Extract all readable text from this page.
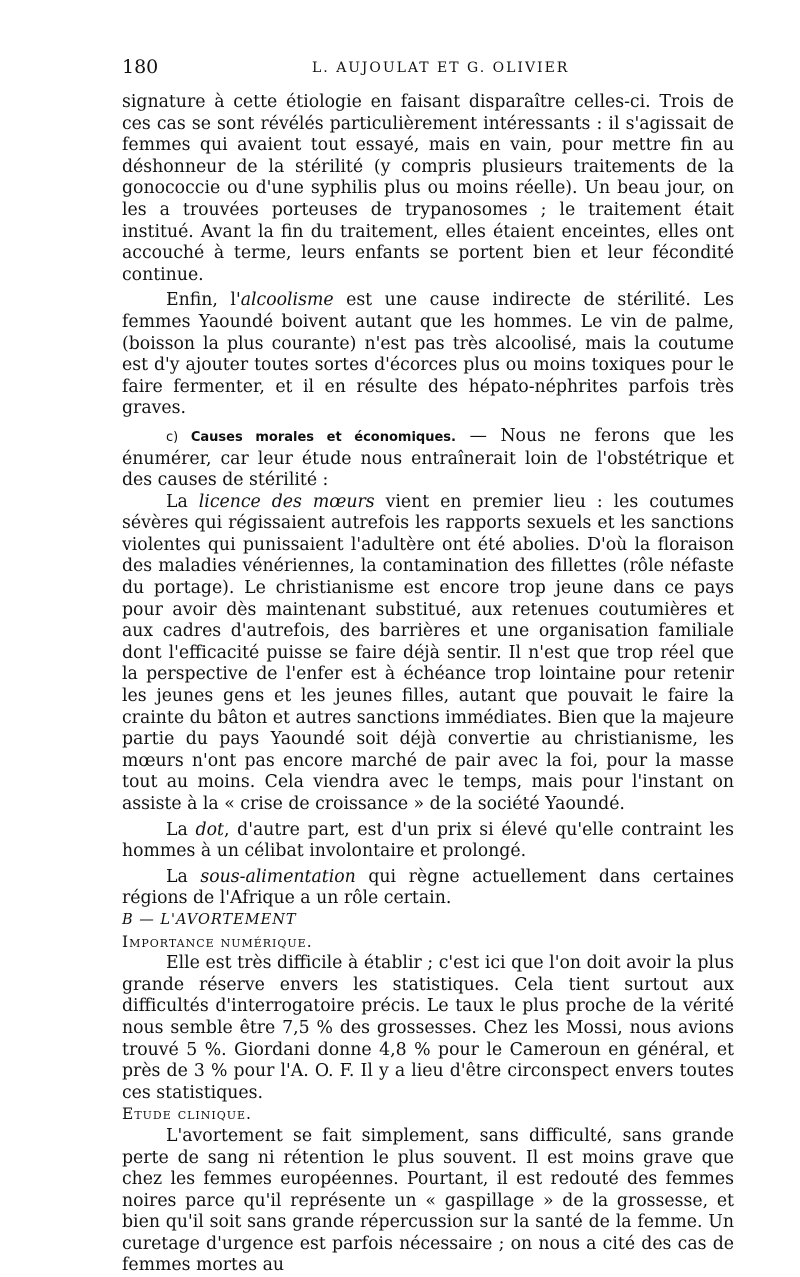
180	L. AUJOULAT ET G. OLIVIER

signature à cette étiologie en faisant disparaître celles-ci. Trois de ces cas se sont révélés particulièrement intéressants : il s'agissait de femmes qui avaient tout essayé, mais en vain, pour mettre fin au déshonneur de la stérilité (y compris plusieurs traitements de la gonococcie ou d'une syphilis plus ou moins réelle). Un beau jour, on les a trouvées porteuses de trypanosomes ; le traitement était institué. Avant la fin du traitement, elles étaient enceintes, elles ont accouché à terme, leurs enfants se portent bien et leur fécondité continue.

Enfin, l'alcoolisme est une cause indirecte de stérilité. Les femmes Yaoundé boivent autant que les hommes. Le vin de palme, (boisson la plus courante) n'est pas très alcoolisé, mais la coutume est d'y ajouter toutes sortes d'écorces plus ou moins toxiques pour le faire fermenter, et il en résulte des hépato-néphrites parfois très graves.

c) Causes morales et économiques. — Nous ne ferons que les énumérer, car leur étude nous entraînerait loin de l'obstétrique et des causes de stérilité :

La licence des mœurs vient en premier lieu : les coutumes sévères qui régissaient autrefois les rapports sexuels et les sanctions violentes qui punissaient l'adultère ont été abolies. D'où la floraison des maladies vénériennes, la contamination des fillettes (rôle néfaste du portage). Le christianisme est encore trop jeune dans ce pays pour avoir dès maintenant substitué, aux retenues coutumières et aux cadres d'autrefois, des barrières et une organisation familiale dont l'efficacité puisse se faire déjà sentir. Il n'est que trop réel que la perspective de l'enfer est à échéance trop lointaine pour retenir les jeunes gens et les jeunes filles, autant que pouvait le faire la crainte du bâton et autres sanctions immédiates. Bien que la majeure partie du pays Yaoundé soit déjà convertie au christianisme, les mœurs n'ont pas encore marché de pair avec la foi, pour la masse tout au moins. Cela viendra avec le temps, mais pour l'instant on assiste à la « crise de croissance » de la société Yaoundé.

La dot, d'autre part, est d'un prix si élevé qu'elle contraint les hommes à un célibat involontaire et prolongé.

La sous-alimentation qui règne actuellement dans certaines régions de l'Afrique a un rôle certain.

B — L'AVORTEMENT

Importance numérique.

Elle est très difficile à établir ; c'est ici que l'on doit avoir la plus grande réserve envers les statistiques. Cela tient surtout aux difficultés d'interrogatoire précis. Le taux le plus proche de la vérité nous semble être 7,5 % des grossesses. Chez les Mossi, nous avions trouvé 5 %. Giordani donne 4,8 % pour le Cameroun en général, et près de 3 % pour l'A. O. F. Il y a lieu d'être circonspect envers toutes ces statistiques.

Etude clinique.

L'avortement se fait simplement, sans difficulté, sans grande perte de sang ni rétention le plus souvent. Il est moins grave que chez les femmes européennes. Pourtant, il est redouté des femmes noires parce qu'il représente un « gaspillage » de la grossesse, et bien qu'il soit sans grande répercussion sur la santé de la femme. Un curetage d'urgence est parfois nécessaire ; on nous a cité des cas de femmes mortes au
